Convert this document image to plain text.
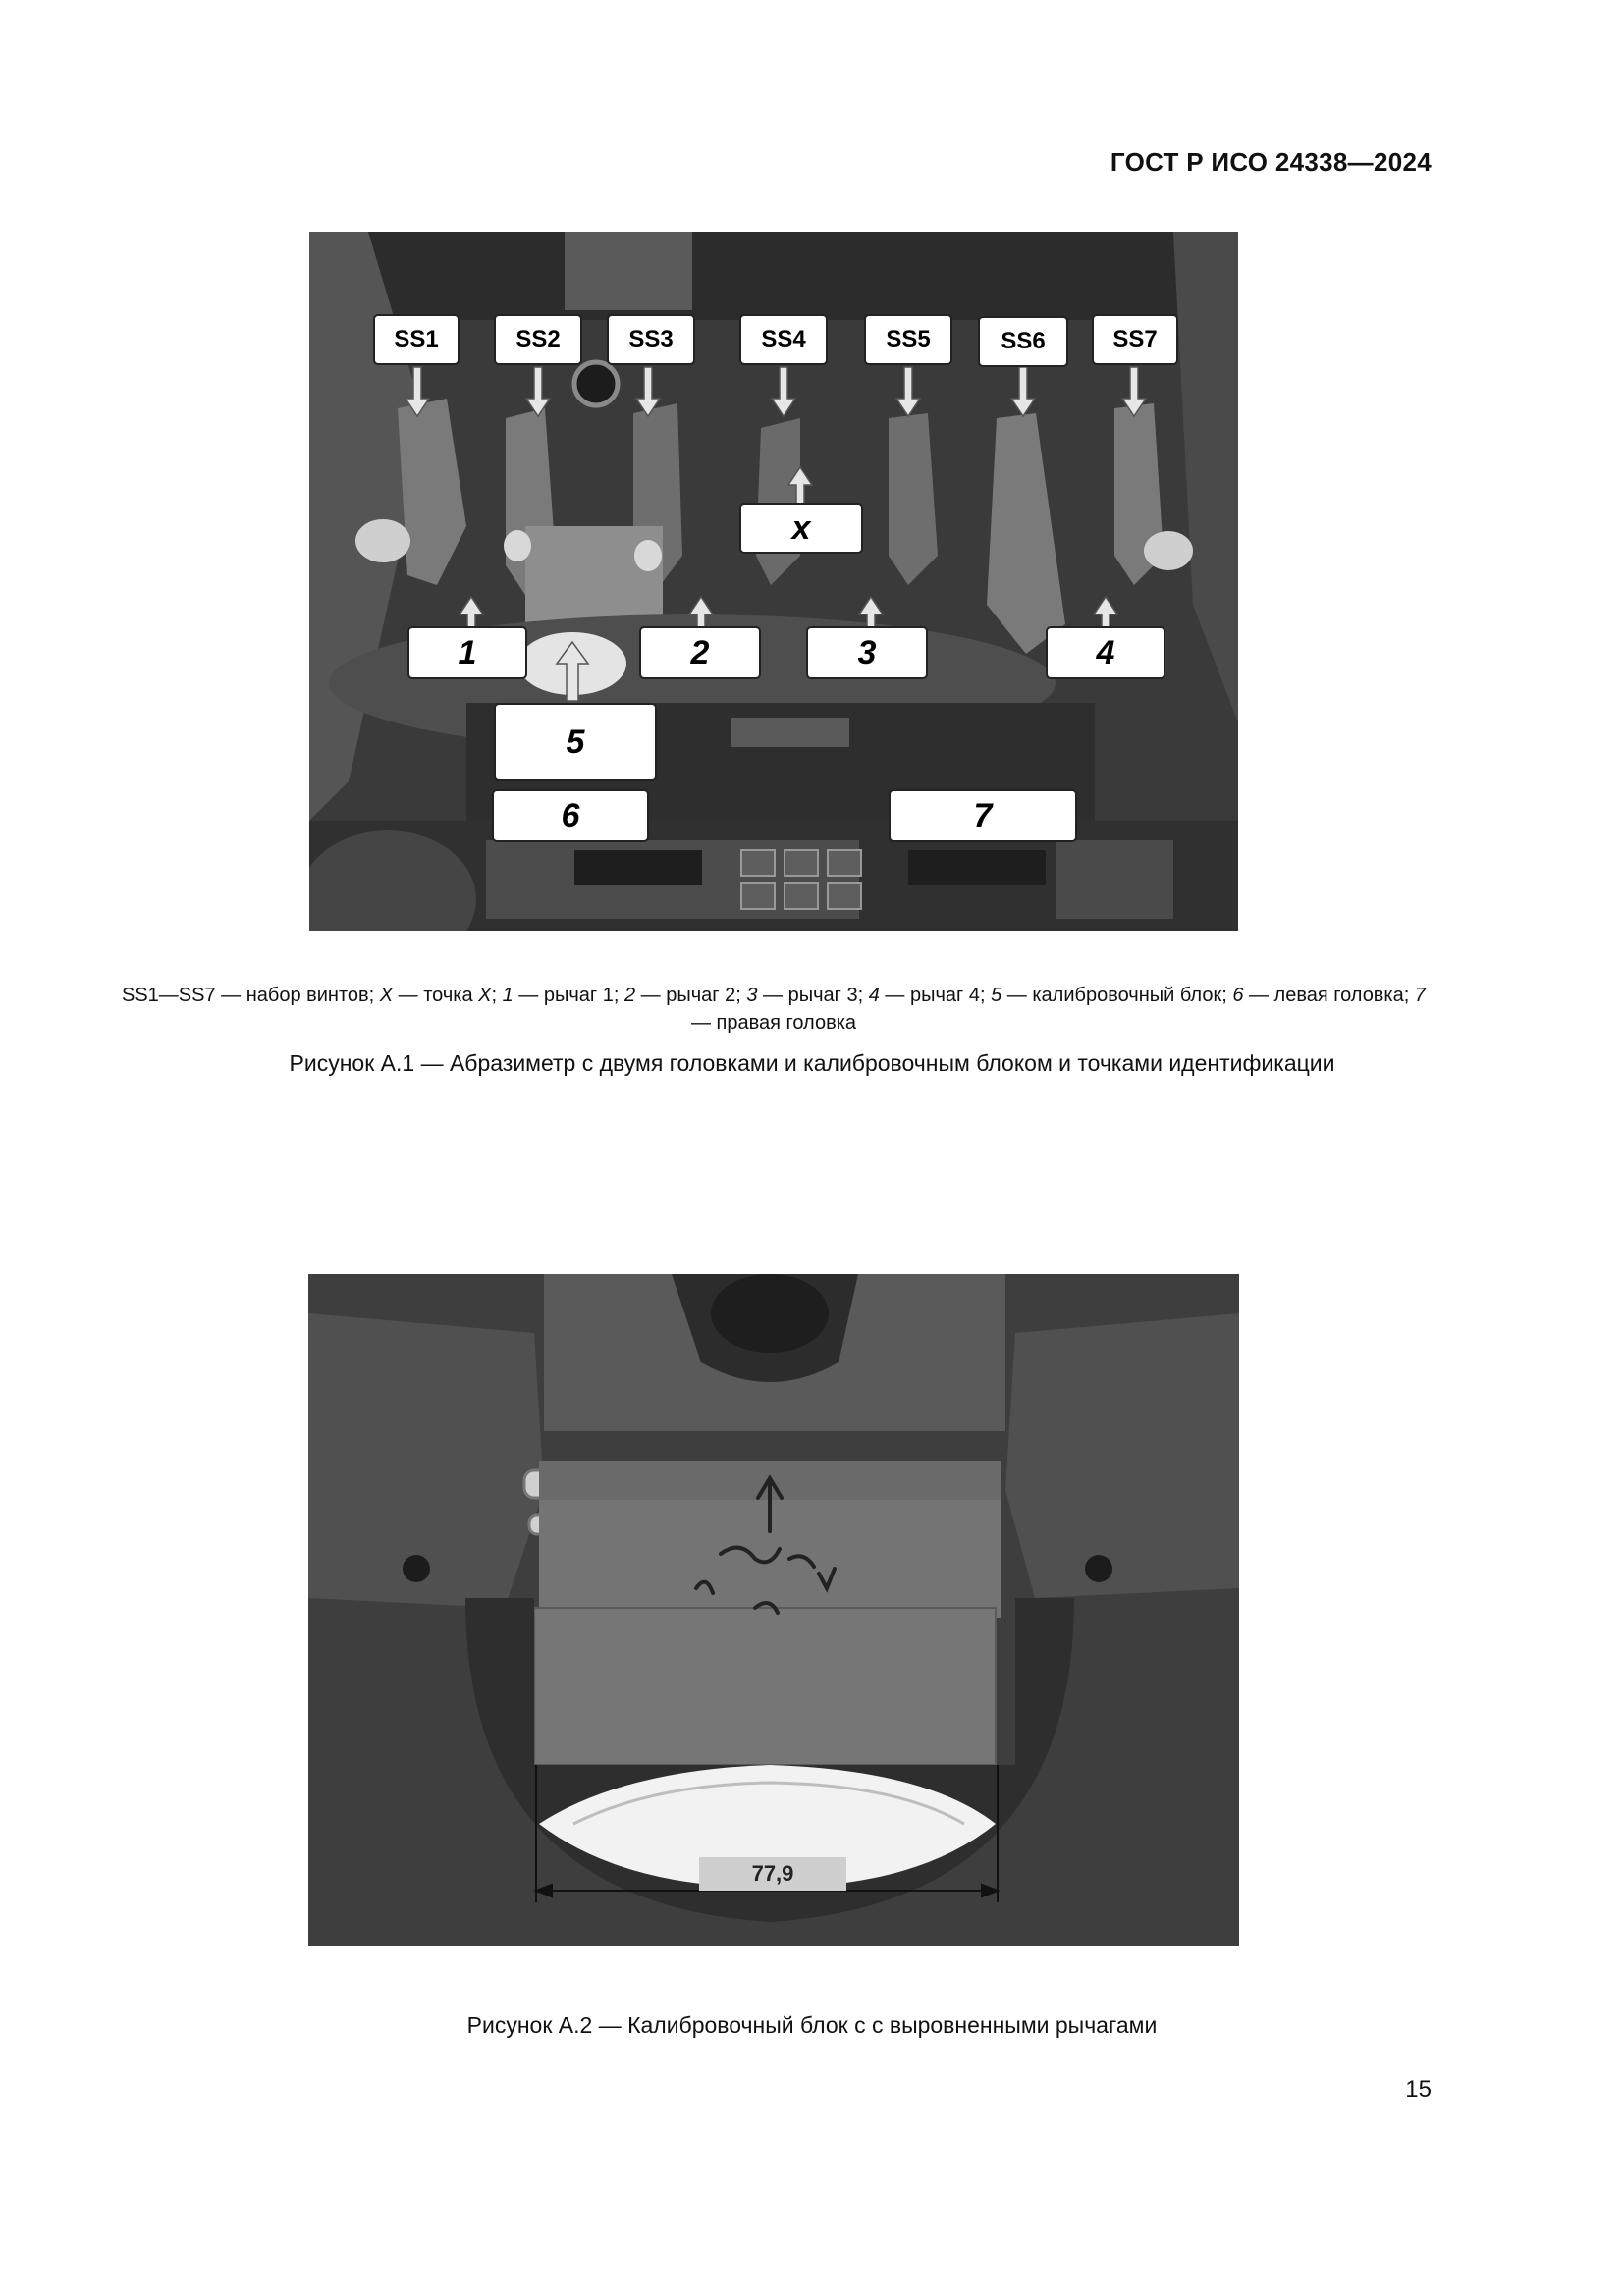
ГОСТ Р ИСО 24338—2024
SS1	SS2	SS3	SS4	SS5	SS6	SS7
x
1	2	3	4
5
6	7
SS1—SS7 — набор винтов; X — точка X; 1 — рычаг 1; 2 — рычаг 2; 3 — рычаг 3; 4 — рычаг 4; 5 — калибровочный блок; 6 — левая головка; 7 — правая головка
Рисунок А.1 — Абразиметр с двумя головками и калибровочным блоком и точками идентификации
77,9
Рисунок А.2 — Калибровочный блок с с выровненными рычагами
15
